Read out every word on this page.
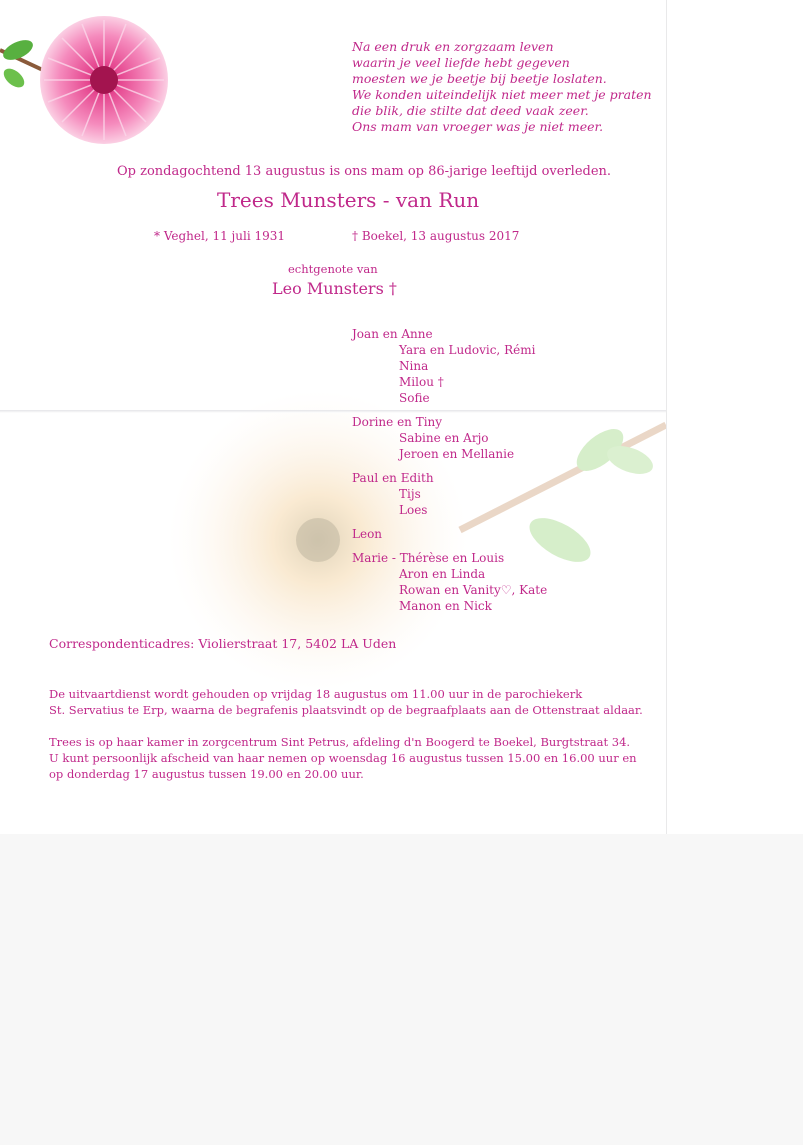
Na een druk en zorgzaam leven
waarin je veel liefde hebt gegeven
moesten we je beetje bij beetje loslaten.
We konden uiteindelijk niet meer met je praten
die blik, die stilte dat deed vaak zeer.
Ons mam van vroeger was je niet meer.
Op zondagochtend 13 augustus is ons mam op 86-jarige leeftijd overleden.
Trees Munsters - van Run
* Veghel, 11 juli 1931	† Boekel, 13 augustus 2017
echtgenote van
Leo Munsters †
Joan en Anne
Yara en Ludovic, Rémi
Nina
Milou †
Sofie
Dorine en Tiny
Sabine en Arjo
Jeroen en Mellanie
Paul en Edith
Tijs
Loes
Leon
Marie - Thérèse en Louis
Aron en Linda
Rowan en Vanity♡, Kate
Manon en Nick
Correspondenticadres: Violierstraat 17, 5402 LA Uden
De uitvaartdienst wordt gehouden op vrijdag 18 augustus om 11.00 uur in de parochiekerk
St. Servatius te Erp, waarna de begrafenis plaatsvindt op de begraafplaats aan de Ottenstraat aldaar.
Trees is op haar kamer in zorgcentrum Sint Petrus, afdeling d'n Boogerd te Boekel, Burgtstraat 34.
U kunt persoonlijk afscheid van haar nemen op woensdag 16 augustus tussen 15.00 en 16.00 uur en
op donderdag 17 augustus tussen 19.00 en 20.00 uur.
